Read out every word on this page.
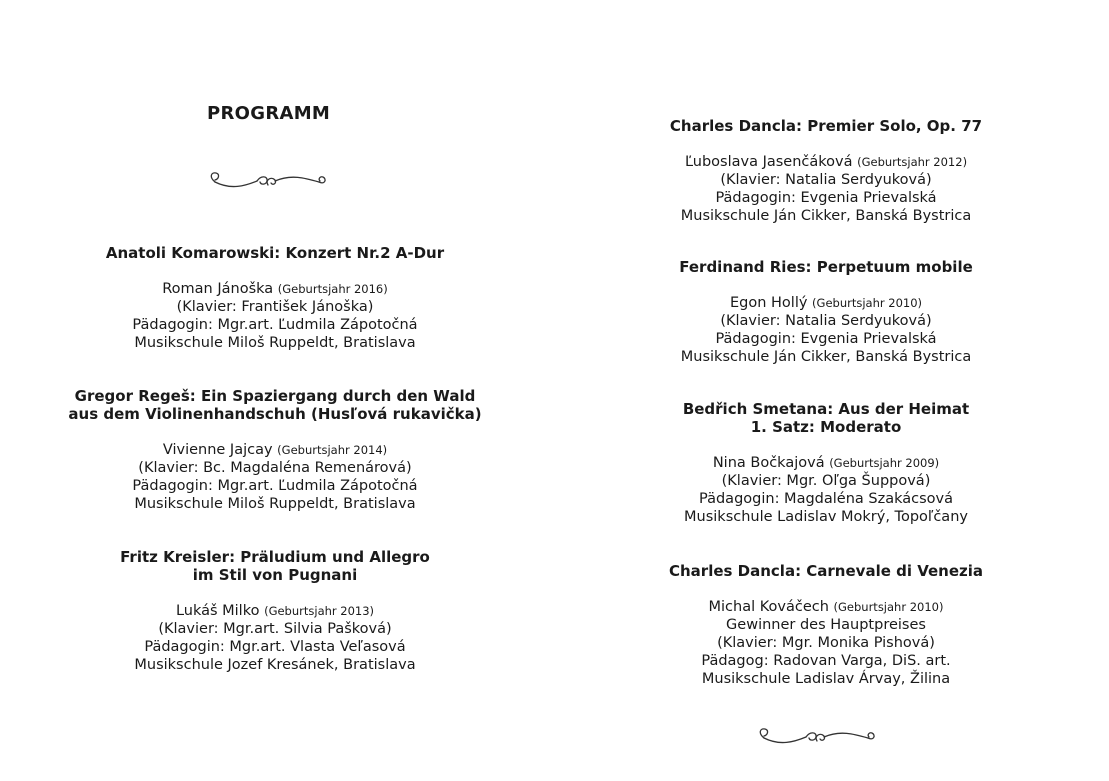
PROGRAMM
Anatoli Komarowski: Konzert Nr.2 A-Dur
Roman Jánoška (Geburtsjahr 2016)
(Klavier: František Jánoška)
Pädagogin: Mgr.art. Ľudmila Zápotočná
Musikschule Miloš Ruppeldt, Bratislava
Gregor Regeš: Ein Spaziergang durch den Wald
aus dem Violinenhandschuh (Husľová rukavička)
Vivienne Jajcay (Geburtsjahr 2014)
(Klavier: Bc. Magdaléna Remenárová)
Pädagogin: Mgr.art. Ľudmila Zápotočná
Musikschule Miloš Ruppeldt, Bratislava
Fritz Kreisler: Präludium und Allegro
im Stil von Pugnani
Lukáš Milko (Geburtsjahr 2013)
(Klavier: Mgr.art. Silvia Pašková)
Pädagogin: Mgr.art. Vlasta Veľasová
Musikschule Jozef Kresánek, Bratislava
Charles Dancla: Premier Solo, Op. 77
Ľuboslava Jasenčáková (Geburtsjahr 2012)
(Klavier: Natalia Serdyuková)
Pädagogin: Evgenia Prievalská
Musikschule Ján Cikker, Banská Bystrica
Ferdinand Ries: Perpetuum mobile
Egon Hollý (Geburtsjahr 2010)
(Klavier: Natalia Serdyuková)
Pädagogin: Evgenia Prievalská
Musikschule Ján Cikker, Banská Bystrica
Bedřich Smetana: Aus der Heimat
1. Satz: Moderato
Nina Bočkajová (Geburtsjahr 2009)
(Klavier: Mgr. Oľga Šuppová)
Pädagogin: Magdaléna Szakácsová
Musikschule Ladislav Mokrý, Topoľčany
Charles Dancla: Carnevale di Venezia
Michal Kováčech (Geburtsjahr 2010)
Gewinner des Hauptpreises
(Klavier: Mgr. Monika Pishová)
Pädagog: Radovan Varga, DiS. art.
Musikschule Ladislav Árvay, Žilina
